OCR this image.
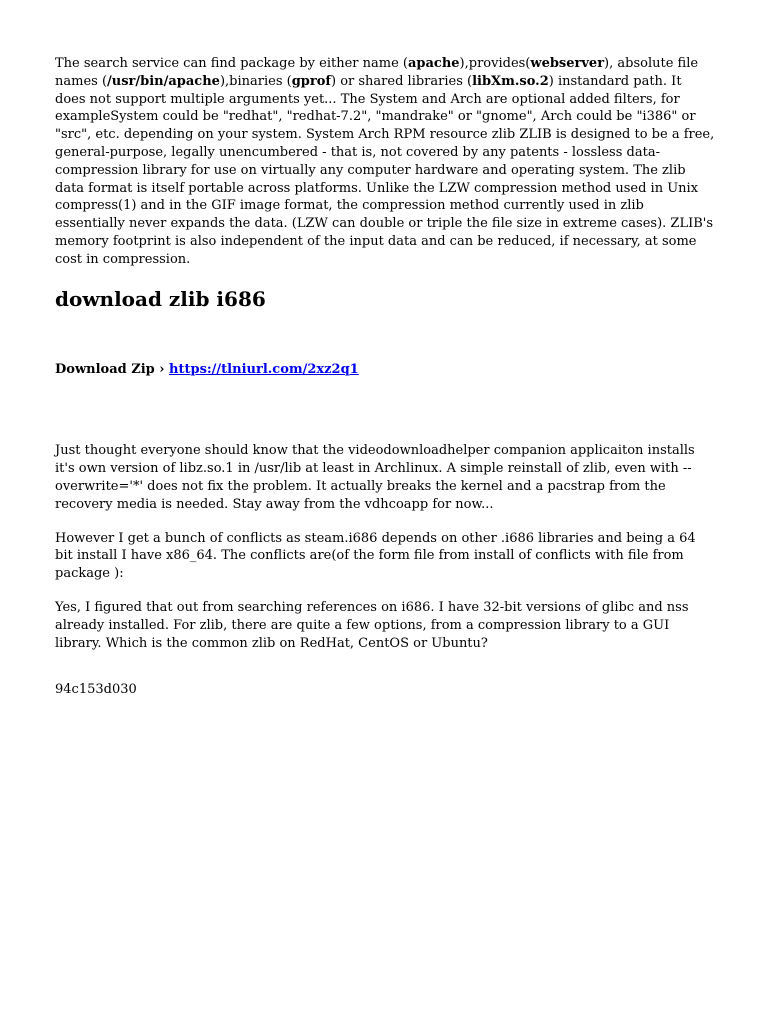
The search service can find package by either name (apache),provides(webserver), absolute file names (/usr/bin/apache),binaries (gprof) or shared libraries (libXm.so.2) instandard path. It does not support multiple arguments yet... The System and Arch are optional added filters, for exampleSystem could be "redhat", "redhat-7.2", "mandrake" or "gnome", Arch could be "i386" or "src", etc. depending on your system. System Arch RPM resource zlib ZLIB is designed to be a free, general-purpose, legally unencumbered - that is, not covered by any patents - lossless data-compression library for use on virtually any computer hardware and operating system. The zlib data format is itself portable across platforms. Unlike the LZW compression method used in Unix compress(1) and in the GIF image format, the compression method currently used in zlib essentially never expands the data. (LZW can double or triple the file size in extreme cases). ZLIB's memory footprint is also independent of the input data and can be reduced, if necessary, at some cost in compression.

download zlib i686

Download Zip › https://tlniurl.com/2xz2q1

Just thought everyone should know that the videodownloadhelper companion applicaiton installs it's own version of libz.so.1 in /usr/lib at least in Archlinux. A simple reinstall of zlib, even with --overwrite='*' does not fix the problem. It actually breaks the kernel and a pacstrap from the recovery media is needed. Stay away from the vdhcoapp for now...

However I get a bunch of conflicts as steam.i686 depends on other .i686 libraries and being a 64 bit install I have x86_64. The conflicts are(of the form file from install of conflicts with file from package ):

Yes, I figured that out from searching references on i686. I have 32-bit versions of glibc and nss already installed. For zlib, there are quite a few options, from a compression library to a GUI library. Which is the common zlib on RedHat, CentOS or Ubuntu?

94c153d030
